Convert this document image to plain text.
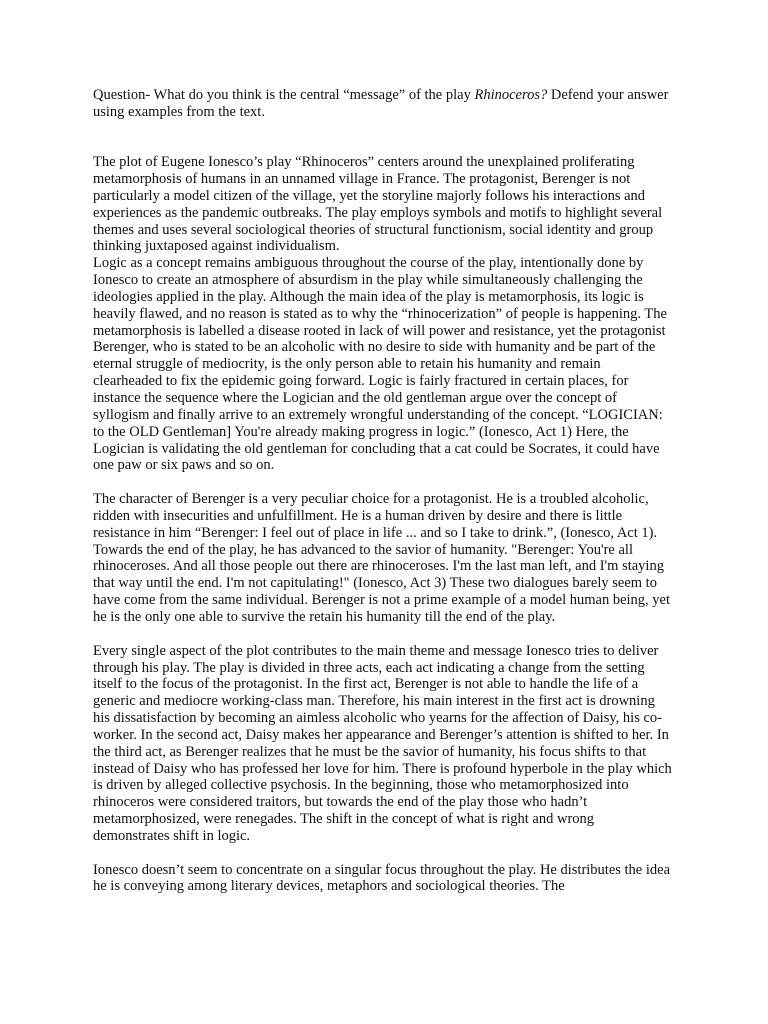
Question- What do you think is the central “message” of the play Rhinoceros? Defend your answer using examples from the text.

The plot of Eugene Ionesco’s play “Rhinoceros” centers around the unexplained proliferating metamorphosis of humans in an unnamed village in France. The protagonist, Berenger is not particularly a model citizen of the village, yet the storyline majorly follows his interactions and experiences as the pandemic outbreaks. The play employs symbols and motifs to highlight several themes and uses several sociological theories of structural functionism, social identity and group thinking juxtaposed against individualism.

Logic as a concept remains ambiguous throughout the course of the play, intentionally done by Ionesco to create an atmosphere of absurdism in the play while simultaneously challenging the ideologies applied in the play. Although the main idea of the play is metamorphosis, its logic is heavily flawed, and no reason is stated as to why the “rhinocerization” of people is happening. The metamorphosis is labelled a disease rooted in lack of will power and resistance, yet the protagonist Berenger, who is stated to be an alcoholic with no desire to side with humanity and be part of the eternal struggle of mediocrity, is the only person able to retain his humanity and remain clearheaded to fix the epidemic going forward. Logic is fairly fractured in certain places, for instance the sequence where the Logician and the old gentleman argue over the concept of syllogism and finally arrive to an extremely wrongful understanding of the concept. “LOGICIAN: to the OLD Gentleman] You're already making progress in logic.” (Ionesco, Act 1) Here, the Logician is validating the old gentleman for concluding that a cat could be Socrates, it could have one paw or six paws and so on.

The character of Berenger is a very peculiar choice for a protagonist. He is a troubled alcoholic, ridden with insecurities and unfulfillment. He is a human driven by desire and there is little resistance in him “Berenger: I feel out of place in life ... and so I take to drink.”, (Ionesco, Act 1). Towards the end of the play, he has advanced to the savior of humanity. "Berenger: You're all rhinoceroses. And all those people out there are rhinoceroses. I'm the last man left, and I'm staying that way until the end. I'm not capitulating!" (Ionesco, Act 3) These two dialogues barely seem to have come from the same individual. Berenger is not a prime example of a model human being, yet he is the only one able to survive the retain his humanity till the end of the play.

Every single aspect of the plot contributes to the main theme and message Ionesco tries to deliver through his play. The play is divided in three acts, each act indicating a change from the setting itself to the focus of the protagonist. In the first act, Berenger is not able to handle the life of a generic and mediocre working-class man. Therefore, his main interest in the first act is drowning his dissatisfaction by becoming an aimless alcoholic who yearns for the affection of Daisy, his co-worker. In the second act, Daisy makes her appearance and Berenger’s attention is shifted to her. In the third act, as Berenger realizes that he must be the savior of humanity, his focus shifts to that instead of Daisy who has professed her love for him. There is profound hyperbole in the play which is driven by alleged collective psychosis. In the beginning, those who metamorphosized into rhinoceros were considered traitors, but towards the end of the play those who hadn’t metamorphosized, were renegades. The shift in the concept of what is right and wrong demonstrates shift in logic.

Ionesco doesn’t seem to concentrate on a singular focus throughout the play. He distributes the idea he is conveying among literary devices, metaphors and sociological theories. The
